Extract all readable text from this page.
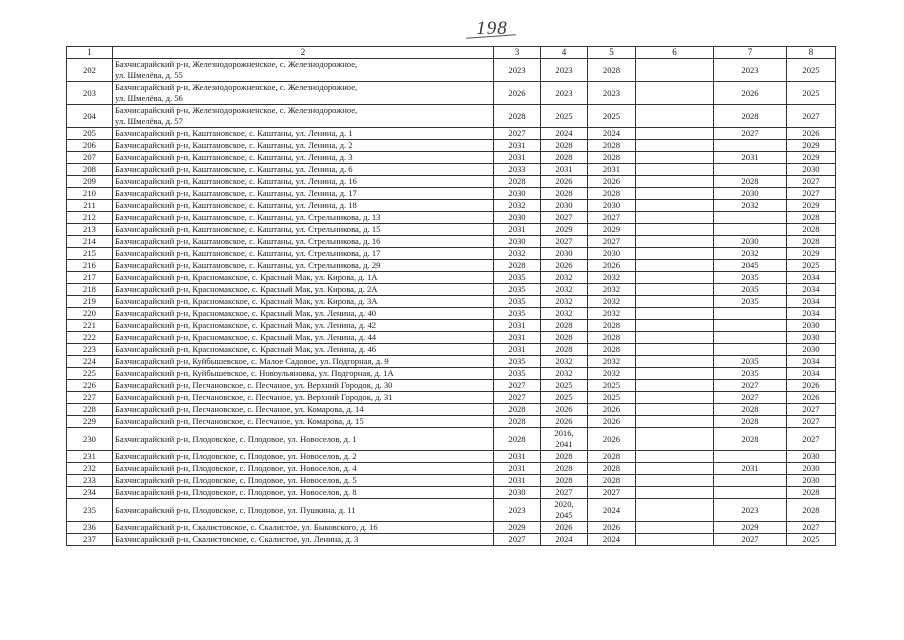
198
1	2	3	4	5	6	7	8
202	Бахчисарайский р-н, Железнодорожненское, с. Железнодорожное,
ул. Шмелёва, д. 55	2023	2023	2028		2023	2025
203	Бахчисарайский р-н, Железнодорожненское, с. Железнодорожное,
ул. Шмелёва, д. 56	2026	2023	2023		2026	2025
204	Бахчисарайский р-н, Железнодорожненское, с. Железнодорожное,
ул. Шмелёва, д. 57	2028	2025	2025		2028	2027
205	Бахчисарайский р-н, Каштановское, с. Каштаны, ул. Ленина, д. 1	2027	2024	2024		2027	2026
206	Бахчисарайский р-н, Каштановское, с. Каштаны, ул. Ленина, д. 2	2031	2028	2028			2029
207	Бахчисарайский р-н, Каштановское, с. Каштаны, ул. Ленина, д. 3	2031	2028	2028		2031	2029
208	Бахчисарайский р-н, Каштановское, с. Каштаны, ул. Ленина, д. 6	2033	2031	2031			2030
209	Бахчисарайский р-н, Каштановское, с. Каштаны, ул. Ленина, д. 16	2028	2026	2026		2028	2027
210	Бахчисарайский р-н, Каштановское, с. Каштаны, ул. Ленина, д. 17	2030	2028	2028		2030	2027
211	Бахчисарайский р-н, Каштановское, с. Каштаны, ул. Ленина, д. 18	2032	2030	2030		2032	2029
212	Бахчисарайский р-н, Каштановское, с. Каштаны, ул. Стрельникова, д. 13	2030	2027	2027			2028
213	Бахчисарайский р-н, Каштановское, с. Каштаны, ул. Стрельникова, д. 15	2031	2029	2029			2028
214	Бахчисарайский р-н, Каштановское, с. Каштаны, ул. Стрельникова, д. 16	2030	2027	2027		2030	2028
215	Бахчисарайский р-н, Каштановское, с. Каштаны, ул. Стрельникова, д. 17	2032	2030	2030		2032	2029
216	Бахчисарайский р-н, Каштановское, с. Каштаны, ул. Стрельникова, д. 29	2028	2026	2026		2045	2025
217	Бахчисарайский р-н, Красномакское, с. Красный Мак, ул. Кирова, д. 1А	2035	2032	2032		2035	2034
218	Бахчисарайский р-н, Красномакское, с. Красный Мак, ул. Кирова, д. 2А	2035	2032	2032		2035	2034
219	Бахчисарайский р-н, Красномакское, с. Красный Мак, ул. Кирова, д. 3А	2035	2032	2032		2035	2034
220	Бахчисарайский р-н, Красномакское, с. Красный Мак, ул. Ленина, д. 40	2035	2032	2032			2034
221	Бахчисарайский р-н, Красномакское, с. Красный Мак, ул. Ленина, д. 42	2031	2028	2028			2030
222	Бахчисарайский р-н, Красномакское, с. Красный Мак, ул. Ленина, д. 44	2031	2028	2028			2030
223	Бахчисарайский р-н, Красномакское, с. Красный Мак, ул. Ленина, д. 46	2031	2028	2028			2030
224	Бахчисарайский р-н, Куйбышевское, с. Малое Садовое, ул. Подгорная, д. 9	2035	2032	2032		2035	2034
225	Бахчисарайский р-н, Куйбышевское, с. Новоульяновка, ул. Подгорная, д. 1А	2035	2032	2032		2035	2034
226	Бахчисарайский р-н, Песчановское, с. Песчаное, ул. Верхний Городок, д. 30	2027	2025	2025		2027	2026
227	Бахчисарайский р-н, Песчановское, с. Песчаное, ул. Верхний Городок, д. 31	2027	2025	2025		2027	2026
228	Бахчисарайский р-н, Песчановское, с. Песчаное, ул. Комарова, д. 14	2028	2026	2026		2028	2027
229	Бахчисарайский р-н, Песчановское, с. Песчаное, ул. Комарова, д. 15	2028	2026	2026		2028	2027
230	Бахчисарайский р-н, Плодовское, с. Плодовое, ул. Новоселов, д. 1	2028	2016,
2041	2026		2028	2027
231	Бахчисарайский р-н, Плодовское, с. Плодовое, ул. Новоселов, д. 2	2031	2028	2028			2030
232	Бахчисарайский р-н, Плодовское, с. Плодовое, ул. Новоселов, д. 4	2031	2028	2028		2031	2030
233	Бахчисарайский р-н, Плодовское, с. Плодовое, ул. Новоселов, д. 5	2031	2028	2028			2030
234	Бахчисарайский р-н, Плодовское, с. Плодовое, ул. Новоселов, д. 8	2030	2027	2027			2028
235	Бахчисарайский р-н, Плодовское, с. Плодовое, ул. Пушкина, д. 11	2023	2020,
2045	2024		2023	2028
236	Бахчисарайский р-н, Скалистовское, с. Скалистое, ул. Быковского, д. 16	2029	2026	2026		2029	2027
237	Бахчисарайский р-н, Скалистовское, с. Скалистое, ул. Ленина, д. 3	2027	2024	2024		2027	2025
